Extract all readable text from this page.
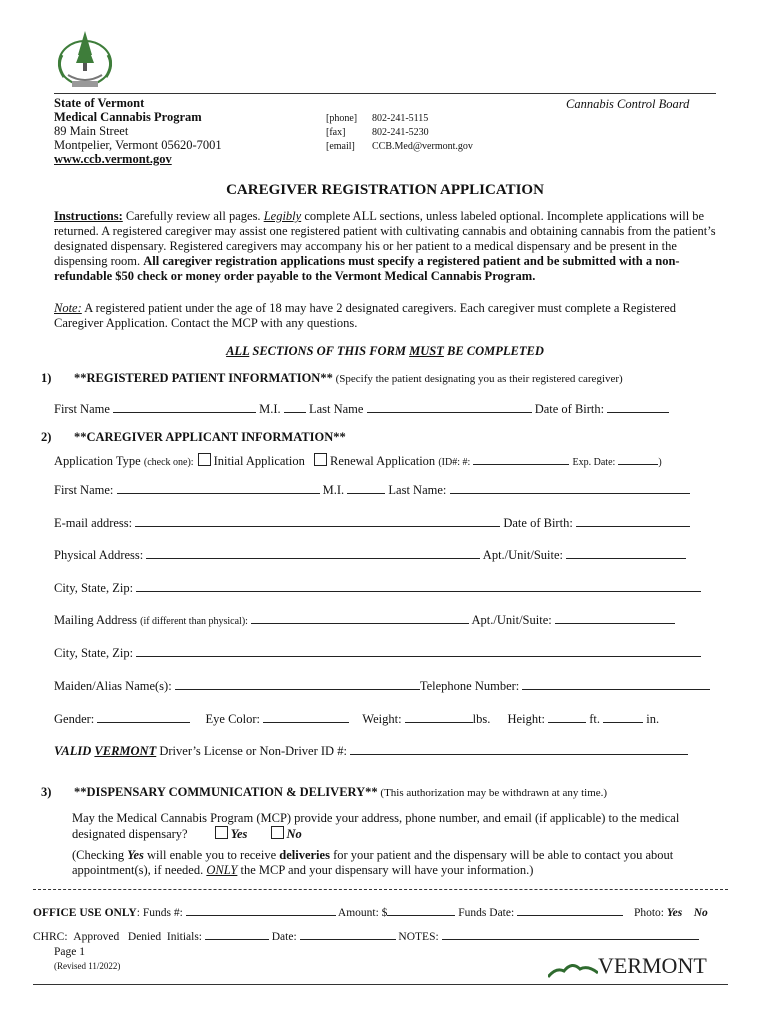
State of Vermont
Medical Cannabis Program
89 Main Street
Montpelier, Vermont 05620-7001
www.ccb.vermont.gov
Cannabis Control Board
[phone] 802-241-5115
[fax]	802-241-5230
[email] CCB.Med@vermont.gov
CAREGIVER REGISTRATION APPLICATION
Instructions: Carefully review all pages. Legibly complete ALL sections, unless labeled optional. Incomplete applications will be returned. A registered caregiver may assist one registered patient with cultivating cannabis and obtaining cannabis from the patient’s designated dispensary. Registered caregivers may accompany his or her patient to a medical dispensary and be present in the dispensing room. All caregiver registration applications must specify a registered patient and be submitted with a non-refundable $50 check or money order payable to the Vermont Medical Cannabis Program.
Note: A registered patient under the age of 18 may have 2 designated caregivers. Each caregiver must complete a Registered Caregiver Application. Contact the MCP with any questions.
ALL SECTIONS OF THIS FORM MUST BE COMPLETED
1) **REGISTERED PATIENT INFORMATION** (Specify the patient designating you as their registered caregiver)
First Name	M.I. Last Name	Date of Birth:
2) **CAREGIVER APPLICANT INFORMATION**
Application Type (check one): Initial Application Renewal Application (ID#: #:	Exp. Date:	)
First Name:	M.I.	Last Name:
E-mail address:	Date of Birth:
Physical Address:	Apt./Unit/Suite:
City, State, Zip:
Mailing Address (if different than physical):	Apt./Unit/Suite:
City, State, Zip:
Maiden/Alias Name(s):	Telephone Number:
Gender:	Eye Color:	Weight:	lbs. Height:	ft.	in.
VALID VERMONT Driver’s License or Non-Driver ID #:
3) **DISPENSARY COMMUNICATION & DELIVERY** (This authorization may be withdrawn at any time.)
May the Medical Cannabis Program (MCP) provide your address, phone number, and email (if applicable) to the medical
designated dispensary?	Yes	No
(Checking Yes will enable you to receive deliveries for your patient and the dispensary will be able to contact you about
appointment(s), if needed. ONLY the MCP and your dispensary will have your information.)
OFFICE USE ONLY: Funds #:	Amount: $	Funds Date:	Photo: Yes No
CHRC: Approved Denied Initials:	Date:	NOTES:
Page 1
(Revised 11/2022)	VERMONT
